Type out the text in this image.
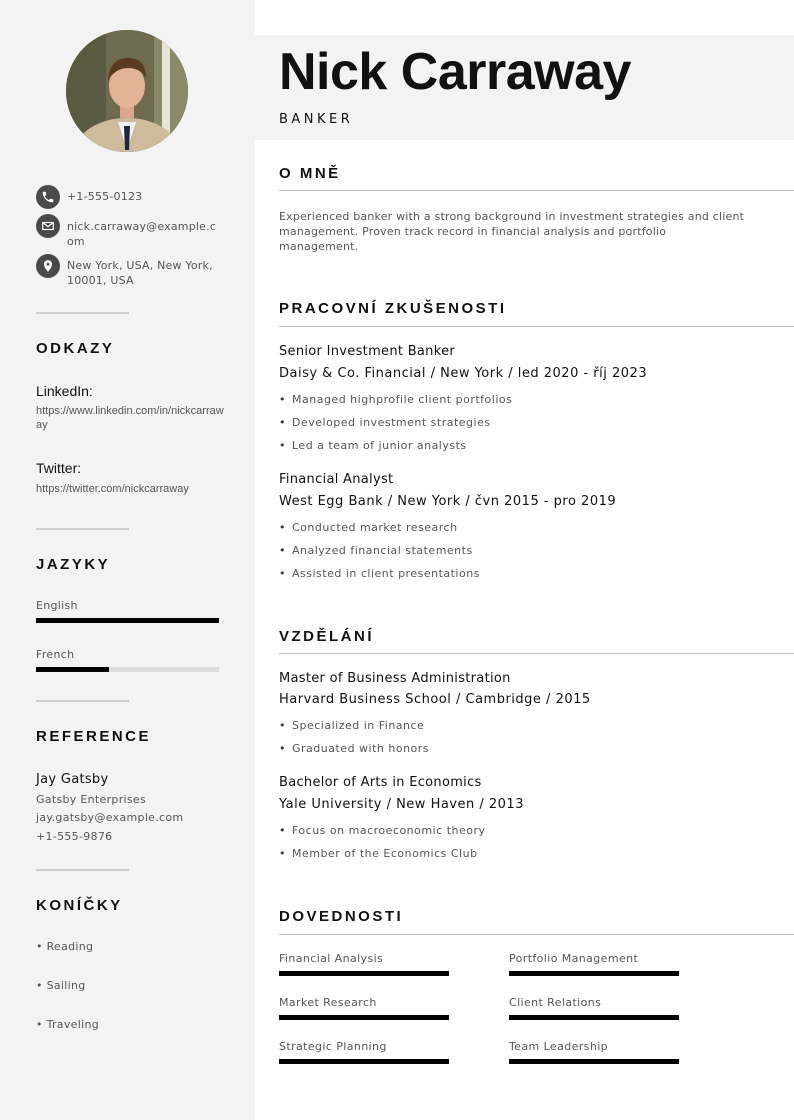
+1-555-0123
nick.carraway@example.com
New York, USA, New York, 10001, USA
ODKAZY
LinkedIn:
https://www.linkedin.com/in/nickcarraway
Twitter:
https://twitter.com/nickcarraway
JAZYKY
English
French
REFERENCE
Jay Gatsby
Gatsby Enterprises
jay.gatsby@example.com
+1-555-9876
KONÍČKY
• Reading
• Sailing
• Traveling
Nick Carraway
BANKER
O MNĚ
Experienced banker with a strong background in investment strategies and client management. Proven track record in financial analysis and portfolio management.
PRACOVNÍ ZKUŠENOSTI
Senior Investment Banker
Daisy & Co. Financial / New York / led 2020 - říj 2023
• Managed highprofile client portfolios
• Developed investment strategies
• Led a team of junior analysts
Financial Analyst
West Egg Bank / New York / čvn 2015 - pro 2019
• Conducted market research
• Analyzed financial statements
• Assisted in client presentations
VZDĚLÁNÍ
Master of Business Administration
Harvard Business School / Cambridge / 2015
• Specialized in Finance
• Graduated with honors
Bachelor of Arts in Economics
Yale University / New Haven / 2013
• Focus on macroeconomic theory
• Member of the Economics Club
DOVEDNOSTI
Financial Analysis	Portfolio Management
Market Research	Client Relations
Strategic Planning	Team Leadership
